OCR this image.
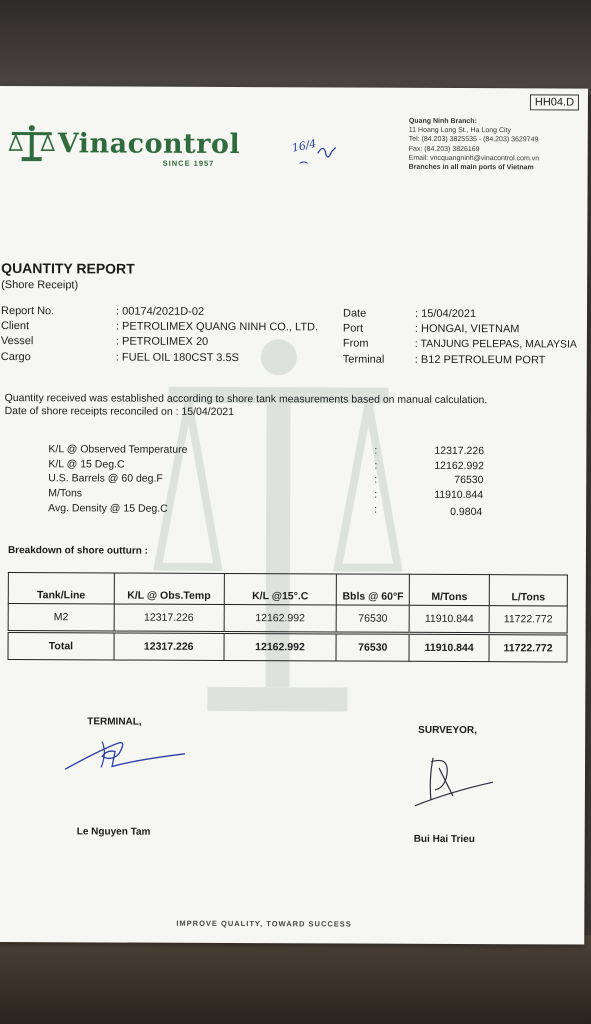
Vinacontrol
SINCE 1957
HH04.D
16/4
Quang Ninh Branch:
11 Hoang Long St., Ha Long City
Tel: (84.203) 3825535 - (84.203) 3629749
Fax: (84.203) 3826169
Email: vncquangninh@vinacontrol.com.vn
Branches in all main ports of Vietnam
QUANTITY REPORT
(Shore Receipt)
Report No.	: 00174/2021D-02
Client	: PETROLIMEX QUANG NINH CO., LTD.
Vessel	: PETROLIMEX 20
Cargo	: FUEL OIL 180CST 3.5S
Date	: 15/04/2021
Port	: HONGAI, VIETNAM
From	: TANJUNG PELEPAS, MALAYSIA
Terminal	: B12 PETROLEUM PORT
Quantity received was established according to shore tank measurements based on manual calculation.
Date of shore receipts reconciled on : 15/04/2021
K/L @ Observed Temperature	:	12317.226
K/L @ 15 Deg.C	:	12162.992
U.S. Barrels @ 60 deg.F	:	76530
M/Tons	:	11910.844
Avg. Density @ 15 Deg.C	:	0.9804
Breakdown of shore outturn :
Tank/Line	K/L @ Obs.Temp	K/L @15°.C	Bbls @ 60°F	M/Tons	L/Tons
M2	12317.226	12162.992	76530	11910.844	11722.772
Total	12317.226	12162.992	76530	11910.844	11722.772
TERMINAL,
Le Nguyen Tam
SURVEYOR,
Bui Hai Trieu
IMPROVE QUALITY, TOWARD SUCCESS
